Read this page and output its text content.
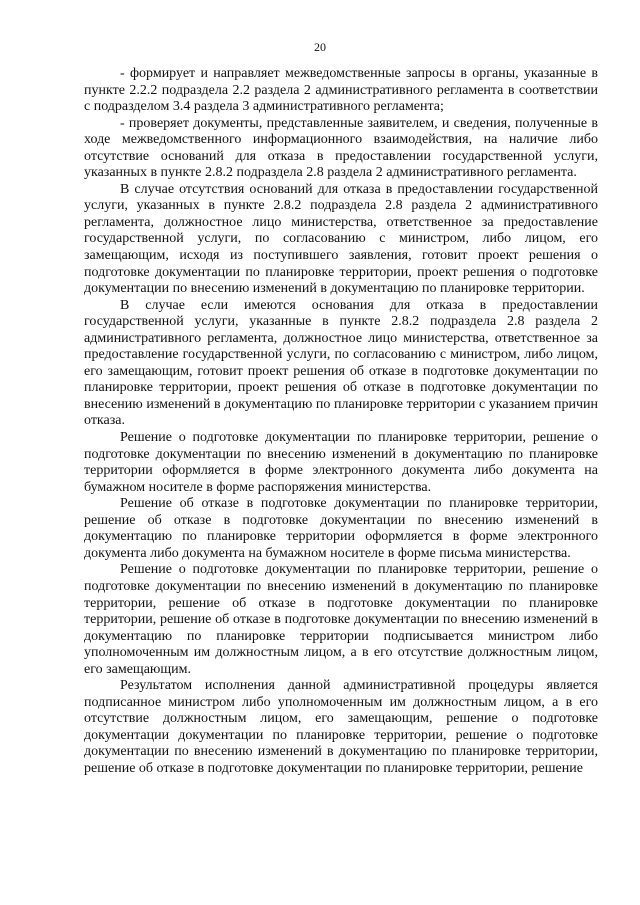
20

- формирует и направляет межведомственные запросы в органы, указанные в пункте 2.2.2 подраздела 2.2 раздела 2 административного регламента в соответствии с подразделом 3.4 раздела 3 административного регламента;

- проверяет документы, представленные заявителем, и сведения, полученные в ходе межведомственного информационного взаимодействия, на наличие либо отсутствие оснований для отказа в предоставлении государственной услуги, указанных в пункте 2.8.2 подраздела 2.8 раздела 2 административного регламента.

В случае отсутствия оснований для отказа в предоставлении государственной услуги, указанных в пункте 2.8.2 подраздела 2.8 раздела 2 административного регламента, должностное лицо министерства, ответственное за предоставление государственной услуги, по согласованию с министром, либо лицом, его замещающим, исходя из поступившего заявления, готовит проект решения о подготовке документации по планировке территории, проект решения о подготовке документации по внесению изменений в документацию по планировке территории.

В случае если имеются основания для отказа в предоставлении государственной услуги, указанные в пункте 2.8.2 подраздела 2.8 раздела 2 административного регламента, должностное лицо министерства, ответственное за предоставление государственной услуги, по согласованию с министром, либо лицом, его замещающим, готовит проект решения об отказе в подготовке документации по планировке территории, проект решения об отказе в подготовке документации по внесению изменений в документацию по планировке территории с указанием причин отказа.

Решение о подготовке документации по планировке территории, решение о подготовке документации по внесению изменений в документацию по планировке территории оформляется в форме электронного документа либо документа на бумажном носителе в форме распоряжения министерства.

Решение об отказе в подготовке документации по планировке территории, решение об отказе в подготовке документации по внесению изменений в документацию по планировке территории оформляется в форме электронного документа либо документа на бумажном носителе в форме письма министерства.

Решение о подготовке документации по планировке территории, решение о подготовке документации по внесению изменений в документацию по планировке территории, решение об отказе в подготовке документации по планировке территории, решение об отказе в подготовке документации по внесению изменений в документацию по планировке территории подписывается министром либо уполномоченным им должностным лицом, а в его отсутствие должностным лицом, его замещающим.

Результатом исполнения данной административной процедуры является подписанное министром либо уполномоченным им должностным лицом, а в его отсутствие должностным лицом, его замещающим, решение о подготовке документации документации по планировке территории, решение о подготовке документации по внесению изменений в документацию по планировке территории, решение об отказе в подготовке документации по планировке территории, решение
